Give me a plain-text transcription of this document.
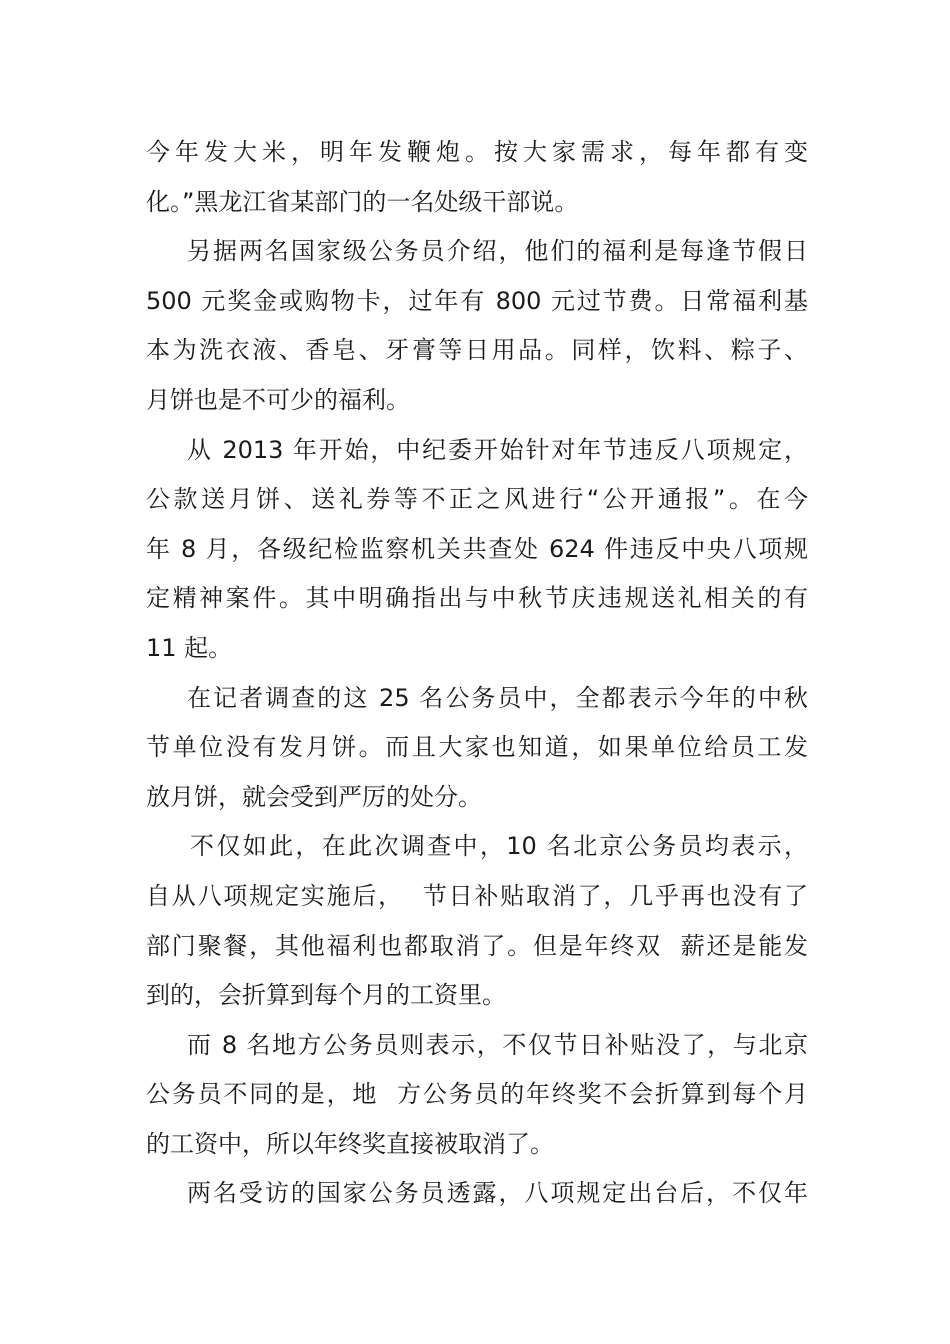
今年发大米，明年发鞭炮。按大家需求，每年都有变
化。”黑龙江省某部门的一名处级干部说。
另据两名国家级公务员介绍，他们的福利是每逢节假日
500 元奖金或购物卡，过年有 800 元过节费。日常福利基
本为洗衣液、香皂、牙膏等日用品。同样，饮料、粽子、
月饼也是不可少的福利。
从 2013 年开始，中纪委开始针对年节违反八项规定，
公款送月饼、送礼券等不正之风进行“公开通报”。在今
年 8 月，各级纪检监察机关共查处 624 件违反中央八项规
定精神案件。其中明确指出与中秋节庆违规送礼相关的有
11 起。
在记者调查的这 25 名公务员中，全都表示今年的中秋
节单位没有发月饼。而且大家也知道，如果单位给员工发
放月饼，就会受到严厉的处分。
不仅如此，在此次调查中，10 名北京公务员均表示，
自从八项规定实施后，  节日补贴取消了，几乎再也没有了
部门聚餐，其他福利也都取消了。但是年终双  薪还是能发
到的，会折算到每个月的工资里。
而 8 名地方公务员则表示，不仅节日补贴没了，与北京
公务员不同的是，地  方公务员的年终奖不会折算到每个月
的工资中，所以年终奖直接被取消了。
两名受访的国家公务员透露，八项规定出台后，不仅年
